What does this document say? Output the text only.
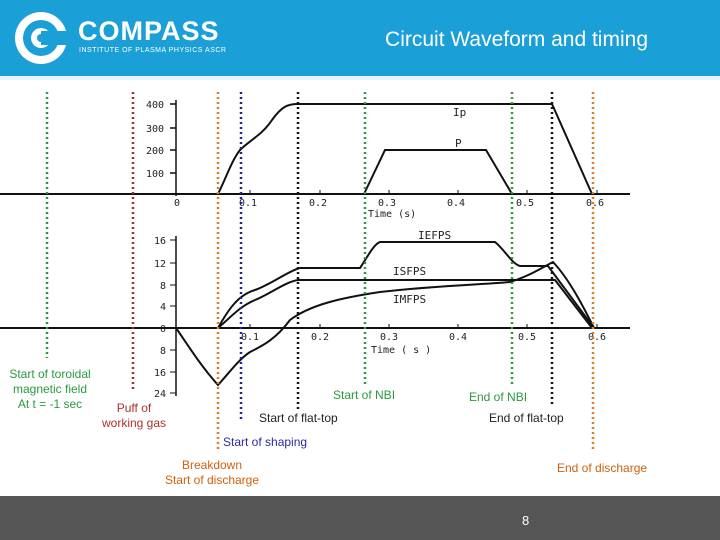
COMPASS
INSTITUTE OF PLASMA PHYSICS ASCR	Circuit Waveform and timing
400
300
200
100
0	0.1	0.2	0.3	0.4	0.5	0.6
Time (s)
Ip
P
16
12
8
4
0
8
16
24
0.1	0.2	0.3	0.4	0.5	0.6
Time ( s )
IEFPS
ISFPS
IMFPS
Start of toroidal
magnetic field
At t = -1 sec	Puff of
working gas
Breakdown
Start of discharge
Start of shaping
Start of flat-top
Start of NBI	End of NBI
End of flat-top
End of discharge
8
